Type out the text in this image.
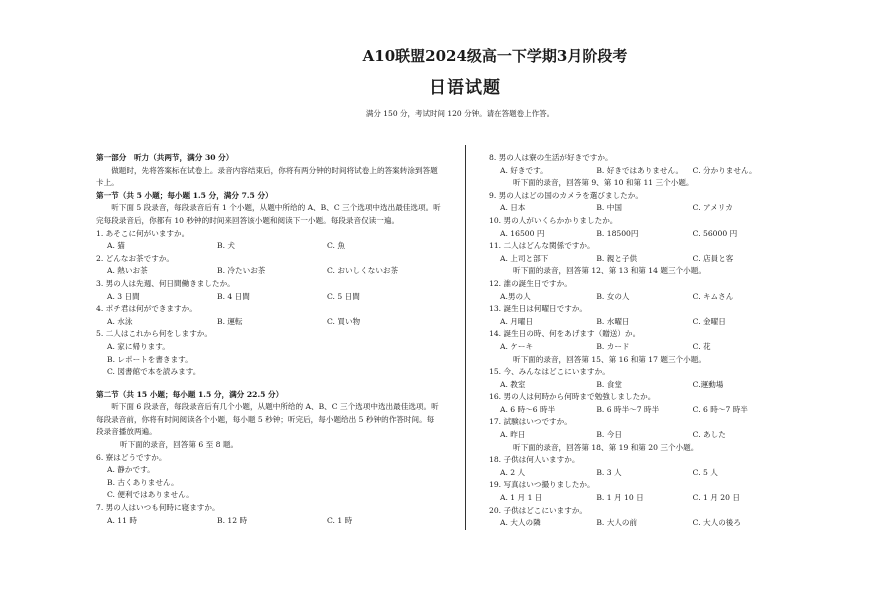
A10联盟2024级高一下学期3月阶段考
日语试题
满分 150 分，考试时间 120 分钟。请在答题卷上作答。
第一部分　听力（共两节，满分 30 分）
做题时，先将答案标在试卷上。录音内容结束后，你将有两分钟的时间将试卷上的答案转涂到答题卡上。
第一节（共 5 小题；每小题 1.5 分，满分 7.5 分）
听下面 5 段录音，每段录音后有 1 个小题，从题中所给的 A、B、C 三个选项中选出最佳选项。听完每段录音后，你都有 10 秒钟的时间来回答该小题和阅读下一小题。每段录音仅读一遍。
1. あそこに何がいますか。
A. 猫	B. 犬	C. 魚
2. どんなお茶ですか。
A. 熱いお茶	B. 冷たいお茶	C. おいしくないお茶
3. 男の人は先週、何日間働きましたか。
A. 3 日間	B. 4 日間	C. 5 日間
4. ポチ君は何ができますか。
A. 水泳	B. 運転	C. 買い物
5. 二人はこれから何をしますか。
A. 家に帰ります。
B. レポートを書きます。
C. 図書館で本を読みます。
第二节（共 15 小题；每小题 1.5 分，满分 22.5 分）
听下面 6 段录音，每段录音后有几个小题，从题中所给的 A、B、C 三个选项中选出最佳选项。听每段录音前，你将有时间阅读各个小题，每小题 5 秒钟；听完后，每小题给出 5 秒钟的作答时间。每段录音播放两遍。
听下面的录音，回答第 6 至 8 题。
6. 寮はどうですか。
A. 静かです。
B. 古くありません。
C. 便利ではありません。
7. 男の人はいつも何時に寝ますか。
A. 11 時	B. 12 時	C. 1 時
8. 男の人は寮の生活が好きですか。
A. 好きです。	B. 好きではありません。	C. 分かりません。
听下面的录音，回答第 9、第 10 和第 11 三个小题。
9. 男の人はどの国のカメラを選びましたか。
A. 日本	B. 中国	C. アメリカ
10. 男の人がいくらかかりましたか。
A. 16500 円	B. 18500円	C. 56000 円
11. 二人はどんな関係ですか。
A. 上司と部下	B. 親と子供	C. 店員と客
听下面的录音，回答第 12、第 13 和第 14 题三个小题。
12. 誰の誕生日ですか。
A.男の人	B. 女の人	C. キムさん
13. 誕生日は何曜日ですか。
A. 月曜日	B. 水曜日	C. 金曜日
14. 誕生日の時、何をあげます（贈送）か。
A. ケーキ	B. カード	C. 花
听下面的录音，回答第 15、第 16 和第 17 题三个小题。
15. 今、みんなはどこにいますか。
A. 教室	B. 食堂	C.運動場
16. 男の人は何時から何時まで勉強しましたか。
A. 6 時～6 時半	B. 6 時半～7 時半	C. 6 時～7 時半
17. 試験はいつですか。
A. 昨日	B. 今日	C. あした
听下面的录音，回答第 18、第 19 和第 20 三个小题。
18. 子供は何人いますか。
A. 2 人	B. 3 人	C. 5 人
19. 写真はいつ撮りましたか。
A. 1 月 1 日	B. 1 月 10 日	C. 1 月 20 日
20. 子供はどこにいますか。
A. 大人の隣	B. 大人の前	C. 大人の後ろ
